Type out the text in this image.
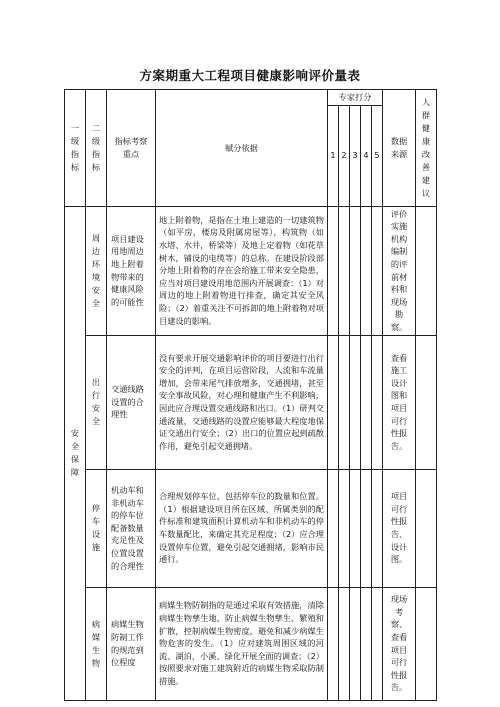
方案期重大工程项目健康影响评价量表
一级指标	二级指标	指标考察重点	赋分依据	专家打分					数据来源	人群健康改善建议
				1	2	3	4	5		
安全保障	周边环境安全	项目建设用地周边地上附着物带来的健康风险的可能性	地上附着物，是指在土地上建造的一切建筑物（如平房，楼房及附属房屋等），构筑物（如水塔、水井，桥梁等）及地上定着物（如花草树木，铺设的电缆等）的总称。在建设阶段部分地上附着物的存在会给施工带来安全隐患，应当对项目建设用地范围内开展调查：（1）对周边的地上附着物进行排查，确定其安全风险；（2）着重关注不可拆卸的地上附着物对项目建设的影响。						评价实施机构编制的评前材料和现场勘察。	
	出行安全	交通线路设置的合理性	没有要求开展交通影响评价的项目要进行出行安全的评判，在项目运营阶段，人流和车流量增加，会带来尾气排放增多，交通拥堵，甚至安全事故风险，对心理和健康产生不利影响，因此应合理设置交通线路和出口。（1）研判交通流量，交通线路的设置应能够最大程度地保证交通出行安全；（2）出口的位置应起到疏散作用，避免引起交通拥堵。						查看施工设计图和项目可行性报告。	
	停车设施	机动车和非机动车的停车位配备数量充足性及位置设置的合理性	合理规划停车位，包括停车位的数量和位置。（1）根据建设项目所在区域、所属类别的配件标准和建筑面积计算机动车和非机动车的停车数量配比，来确定其充足程度；（2）应合理设置停车位置，避免引起交通拥堵，影响市民通行。						项目可行性报告、设计图。	
	病媒生物	病媒生物防制工作的规范到位程度	病媒生物防制指的是通过采取有效措施，清除病媒生物孳生地，防止病媒生物孳生、繁殖和扩散，控制病媒生物密度，避免和减少病媒生物危害的发生。（1）应对建筑周围区域的河流、湖泊、小溪、绿化开展全面的调查；（2）按照要求对施工建筑附近的病媒生物采取防制措施。						现场考察、查看项目可行性报告。	
